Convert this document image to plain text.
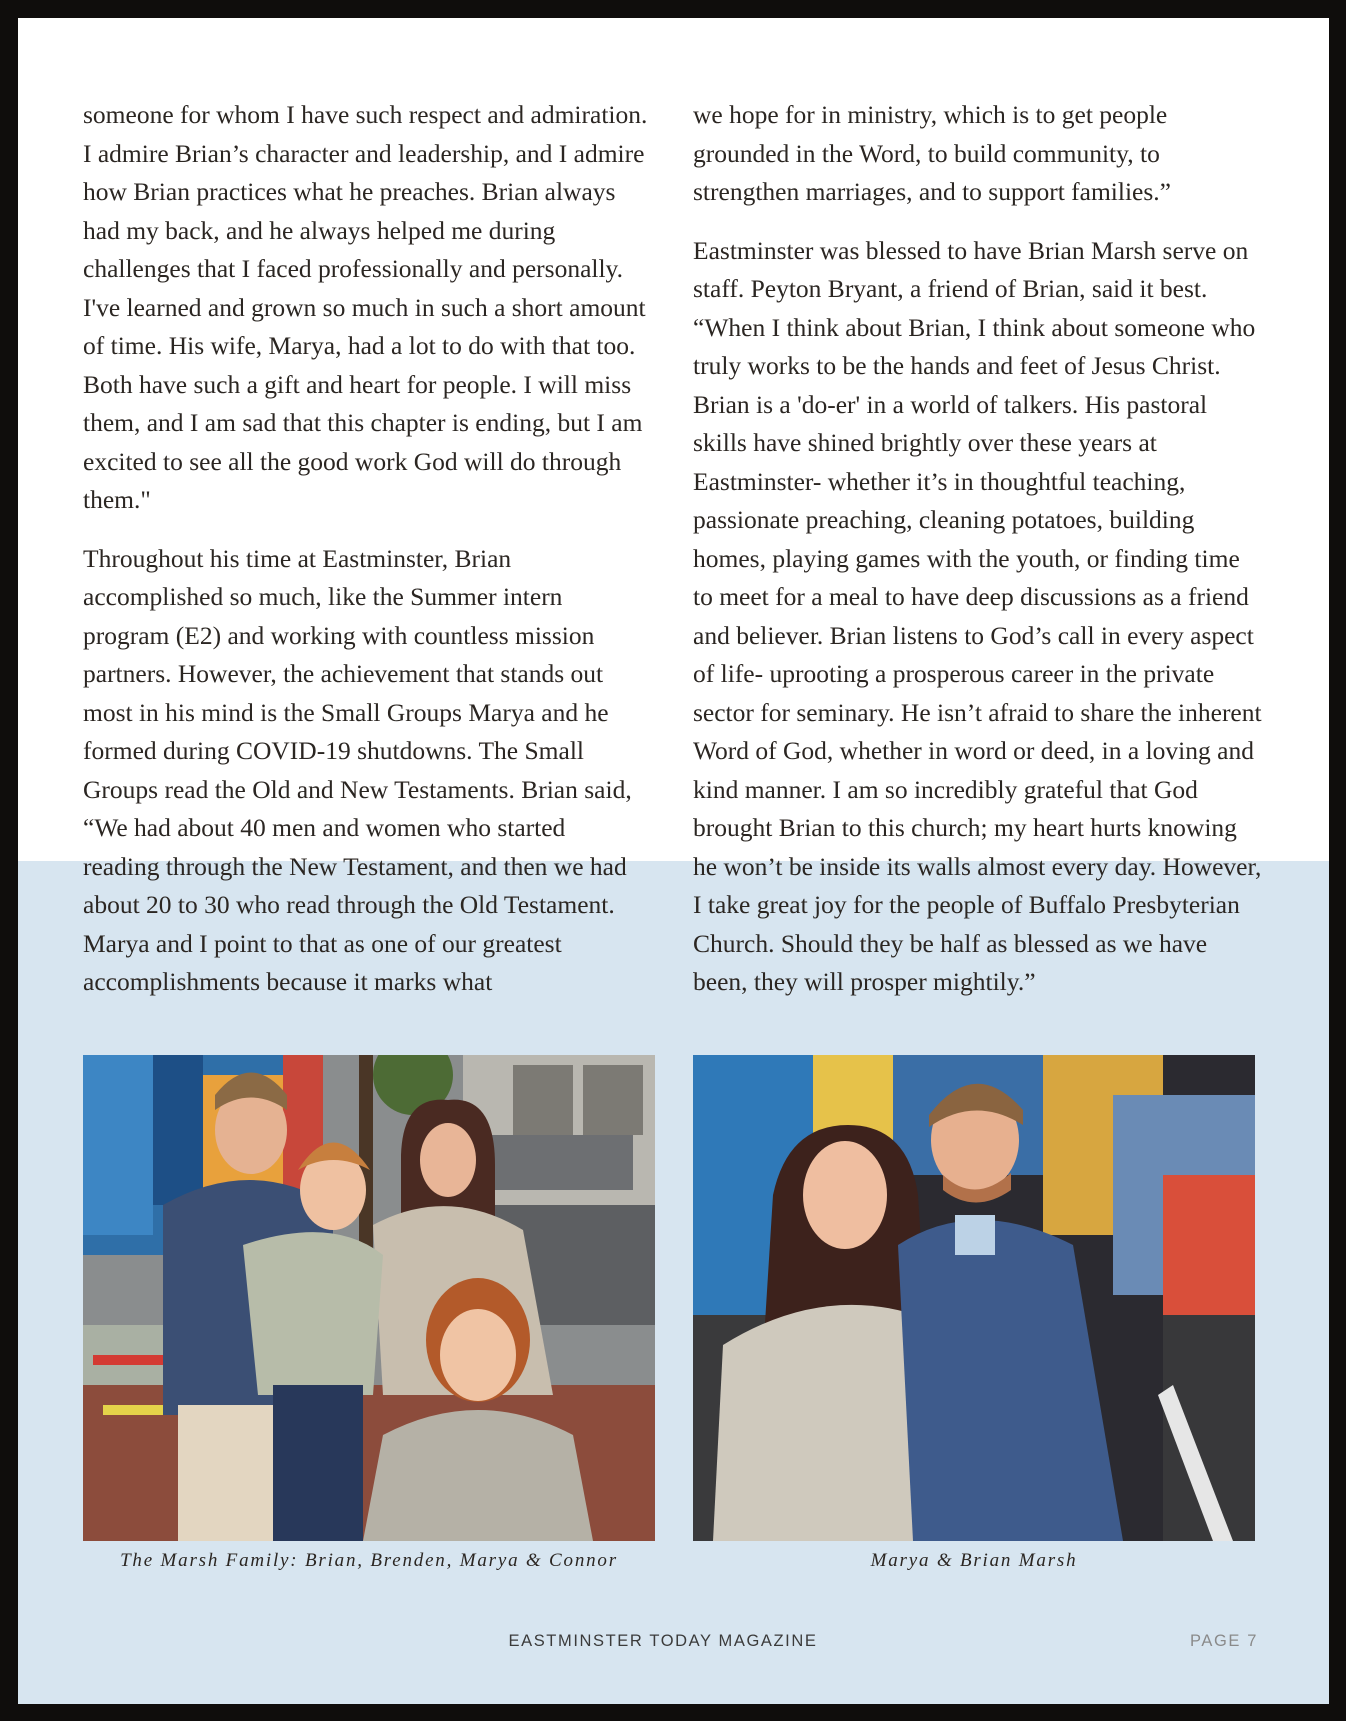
someone for whom I have such respect and admiration. I admire Brian’s character and leadership, and I admire how Brian practices what he preaches. Brian always had my back, and he always helped me during challenges that I faced professionally and personally. I've learned and grown so much in such a short amount of time. His wife, Marya, had a lot to do with that too. Both have such a gift and heart for people. I will miss them, and I am sad that this chapter is ending, but I am excited to see all the good work God will do through them."

Throughout his time at Eastminster, Brian accomplished so much, like the Summer intern program (E2) and working with countless mission partners. However, the achievement that stands out most in his mind is the Small Groups Marya and he formed during COVID-19 shutdowns. The Small Groups read the Old and New Testaments. Brian said, “We had about 40 men and women who started reading through the New Testament, and then we had about 20 to 30 who read through the Old Testament. Marya and I point to that as one of our greatest accomplishments because it marks what

we hope for in ministry, which is to get people grounded in the Word, to build community, to strengthen marriages, and to support families.”

Eastminster was blessed to have Brian Marsh serve on staff. Peyton Bryant, a friend of Brian, said it best. “When I think about Brian, I think about someone who truly works to be the hands and feet of Jesus Christ. Brian is a 'do-er' in a world of talkers. His pastoral skills have shined brightly over these years at Eastminster- whether it’s in thoughtful teaching, passionate preaching, cleaning potatoes, building homes, playing games with the youth, or finding time to meet for a meal to have deep discussions as a friend and believer. Brian listens to God’s call in every aspect of life- uprooting a prosperous career in the private sector for seminary. He isn’t afraid to share the inherent Word of God, whether in word or deed, in a loving and kind manner. I am so incredibly grateful that God brought Brian to this church; my heart hurts knowing he won’t be inside its walls almost every day. However, I take great joy for the people of Buffalo Presbyterian Church. Should they be half as blessed as we have been, they will prosper mightily.”

The Marsh Family: Brian, Brenden, Marya & Connor	Marya & Brian Marsh
EASTMINSTER TODAY MAGAZINE	PAGE 7
